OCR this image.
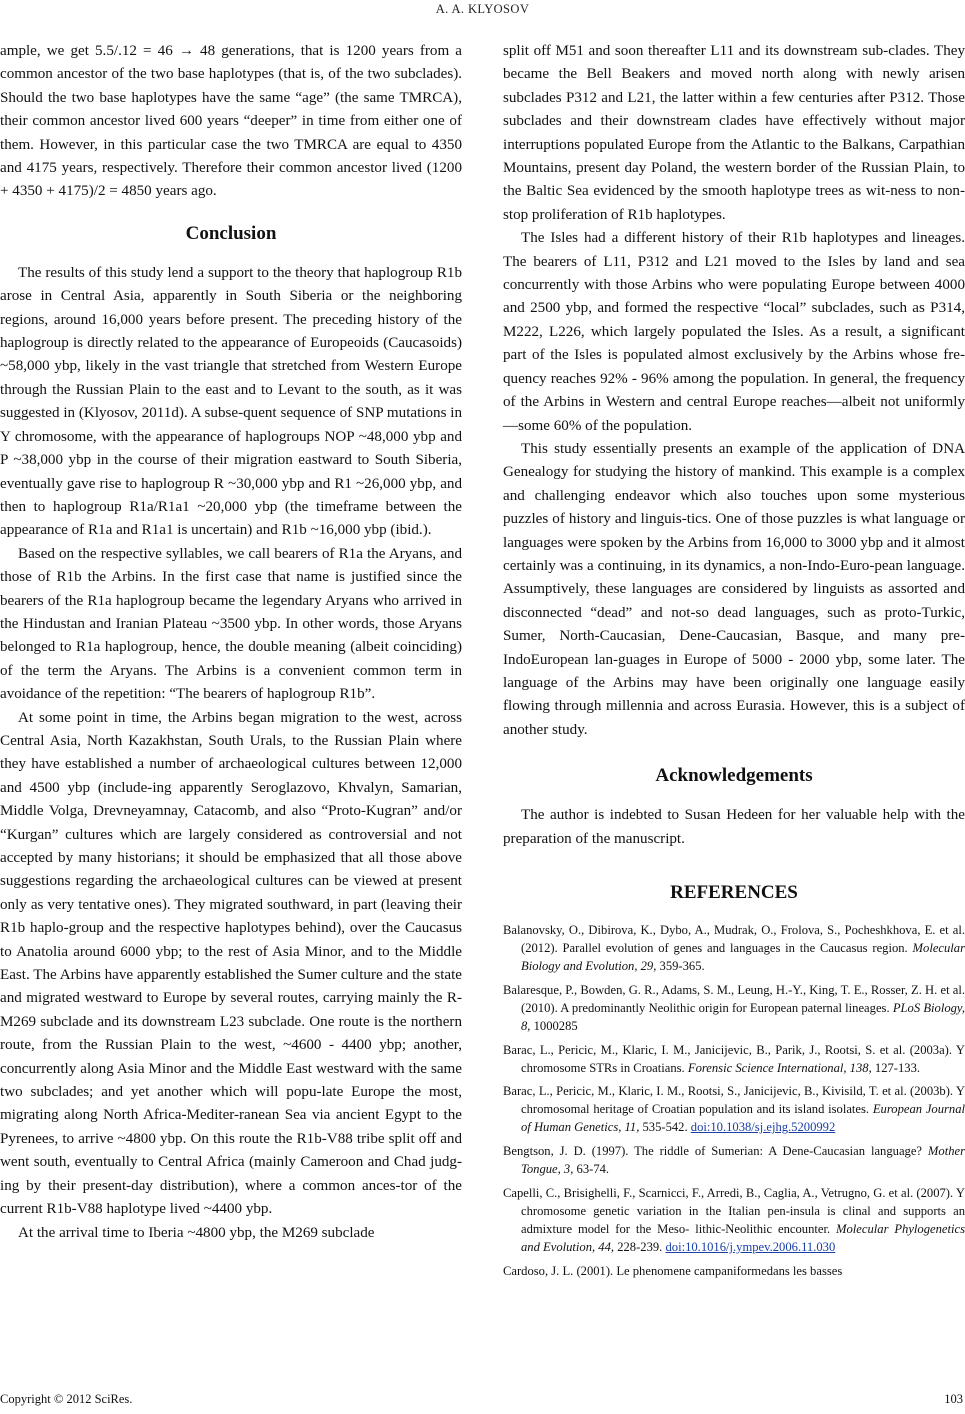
A. A. KLYOSOV

ample, we get 5.5/.12 = 46 → 48 generations, that is 1200 years from a common ancestor of the two base haplotypes (that is, of the two subclades). Should the two base haplotypes have the same “age” (the same TMRCA), their common ancestor lived 600 years “deeper” in time from either one of them. However, in this particular case the two TMRCA are equal to 4350 and 4175 years, respectively. Therefore their common ancestor lived (1200 + 4350 + 4175)/2 = 4850 years ago.

Conclusion

The results of this study lend a support to the theory that haplogroup R1b arose in Central Asia, apparently in South Siberia or the neighboring regions, around 16,000 years before present. The preceding history of the haplogroup is directly related to the appearance of Europeoids (Caucasoids) ~58,000 ybp, likely in the vast triangle that stretched from Western Europe through the Russian Plain to the east and to Levant to the south, as it was suggested in (Klyosov, 2011d). A subse-quent sequence of SNP mutations in Y chromosome, with the appearance of haplogroups NOP ~48,000 ybp and P ~38,000 ybp in the course of their migration eastward to South Siberia, eventually gave rise to haplogroup R ~30,000 ybp and R1 ~26,000 ybp, and then to haplogroup R1a/R1a1 ~20,000 ybp (the timeframe between the appearance of R1a and R1a1 is uncertain) and R1b ~16,000 ybp (ibid.).

Based on the respective syllables, we call bearers of R1a the Aryans, and those of R1b the Arbins. In the first case that name is justified since the bearers of the R1a haplogroup became the legendary Aryans who arrived in the Hindustan and Iranian Plateau ~3500 ybp. In other words, those Aryans belonged to R1a haplogroup, hence, the double meaning (albeit coinciding) of the term the Aryans. The Arbins is a convenient common term in avoidance of the repetition: “The bearers of haplogroup R1b”.

At some point in time, the Arbins began migration to the west, across Central Asia, North Kazakhstan, South Urals, to the Russian Plain where they have established a number of archaeological cultures between 12,000 and 4500 ybp (include-ing apparently Seroglazovo, Khvalyn, Samarian, Middle Volga, Drevneyamnay, Catacomb, and also “Proto-Kugran” and/or “Kurgan” cultures which are largely considered as controversial and not accepted by many historians; it should be emphasized that all those above suggestions regarding the archaeological cultures can be viewed at present only as very tentative ones). They migrated southward, in part (leaving their R1b haplo-group and the respective haplotypes behind), over the Caucasus to Anatolia around 6000 ybp; to the rest of Asia Minor, and to the Middle East. The Arbins have apparently established the Sumer culture and the state and migrated westward to Europe by several routes, carrying mainly the R-M269 subclade and its downstream L23 subclade. One route is the northern route, from the Russian Plain to the west, ~4600 - 4400 ybp; another, concurrently along Asia Minor and the Middle East westward with the same two subclades; and yet another which will popu-late Europe the most, migrating along North Africa-Mediter-ranean Sea via ancient Egypt to the Pyrenees, to arrive ~4800 ybp. On this route the R1b-V88 tribe split off and went south, eventually to Central Africa (mainly Cameroon and Chad judg-ing by their present-day distribution), where a common ances-tor of the current R1b-V88 haplotype lived ~4400 ybp.

At the arrival time to Iberia ~4800 ybp, the M269 subclade

split off M51 and soon thereafter L11 and its downstream sub-clades. They became the Bell Beakers and moved north along with newly arisen subclades P312 and L21, the latter within a few centuries after P312. Those subclades and their downstream clades have effectively without major interruptions populated Europe from the Atlantic to the Balkans, Carpathian Mountains, present day Poland, the western border of the Russian Plain, to the Baltic Sea evidenced by the smooth haplotype trees as wit-ness to non-stop proliferation of R1b haplotypes.

The Isles had a different history of their R1b haplotypes and lineages. The bearers of L11, P312 and L21 moved to the Isles by land and sea concurrently with those Arbins who were populating Europe between 4000 and 2500 ybp, and formed the respective “local” subclades, such as P314, M222, L226, which largely populated the Isles. As a result, a significant part of the Isles is populated almost exclusively by the Arbins whose fre-quency reaches 92% - 96% among the population. In general, the frequency of the Arbins in Western and central Europe reaches—albeit not uniformly—some 60% of the population.

This study essentially presents an example of the application of DNA Genealogy for studying the history of mankind. This example is a complex and challenging endeavor which also touches upon some mysterious puzzles of history and linguis-tics. One of those puzzles is what language or languages were spoken by the Arbins from 16,000 to 3000 ybp and it almost certainly was a continuing, in its dynamics, a non-Indo-Euro-pean language. Assumptively, these languages are considered by linguists as assorted and disconnected “dead” and not-so dead languages, such as proto-Turkic, Sumer, North-Caucasian, Dene-Caucasian, Basque, and many pre-IndoEuropean lan-guages in Europe of 5000 - 2000 ybp, some later. The language of the Arbins may have been originally one language easily flowing through millennia and across Eurasia. However, this is a subject of another study.

Acknowledgements

The author is indebted to Susan Hedeen for her valuable help with the preparation of the manuscript.

REFERENCES
Balanovsky, O., Dibirova, K., Dybo, A., Mudrak, O., Frolova, S., Pocheshkhova, E. et al. (2012). Parallel evolution of genes and languages in the Caucasus region. Molecular Biology and Evolution, 29, 359-365.
Balaresque, P., Bowden, G. R., Adams, S. M., Leung, H.-Y., King, T. E., Rosser, Z. H. et al. (2010). A predominantly Neolithic origin for European paternal lineages. PLoS Biology, 8, 1000285
Barac, L., Pericic, M., Klaric, I. M., Janicijevic, B., Parik, J., Rootsi, S. et al. (2003a). Y chromosome STRs in Croatians. Forensic Science International, 138, 127-133.
Barac, L., Pericic, M., Klaric, I. M., Rootsi, S., Janicijevic, B., Kivisild, T. et al. (2003b). Y chromosomal heritage of Croatian population and its island isolates. European Journal of Human Genetics, 11, 535-542. doi:10.1038/sj.ejhg.5200992
Bengtson, J. D. (1997). The riddle of Sumerian: A Dene-Caucasian language? Mother Tongue, 3, 63-74.
Capelli, C., Brisighelli, F., Scarnicci, F., Arredi, B., Caglia, A., Vetrugno, G. et al. (2007). Y chromosome genetic variation in the Italian pen-insula is clinal and supports an admixture model for the Meso- lithic-Neolithic encounter. Molecular Phylogenetics and Evolution, 44, 228-239. doi:10.1016/j.ympev.2006.11.030
Cardoso, J. L. (2001). Le phenomene campaniformedans les basses
Copyright © 2012 SciRes.	103
